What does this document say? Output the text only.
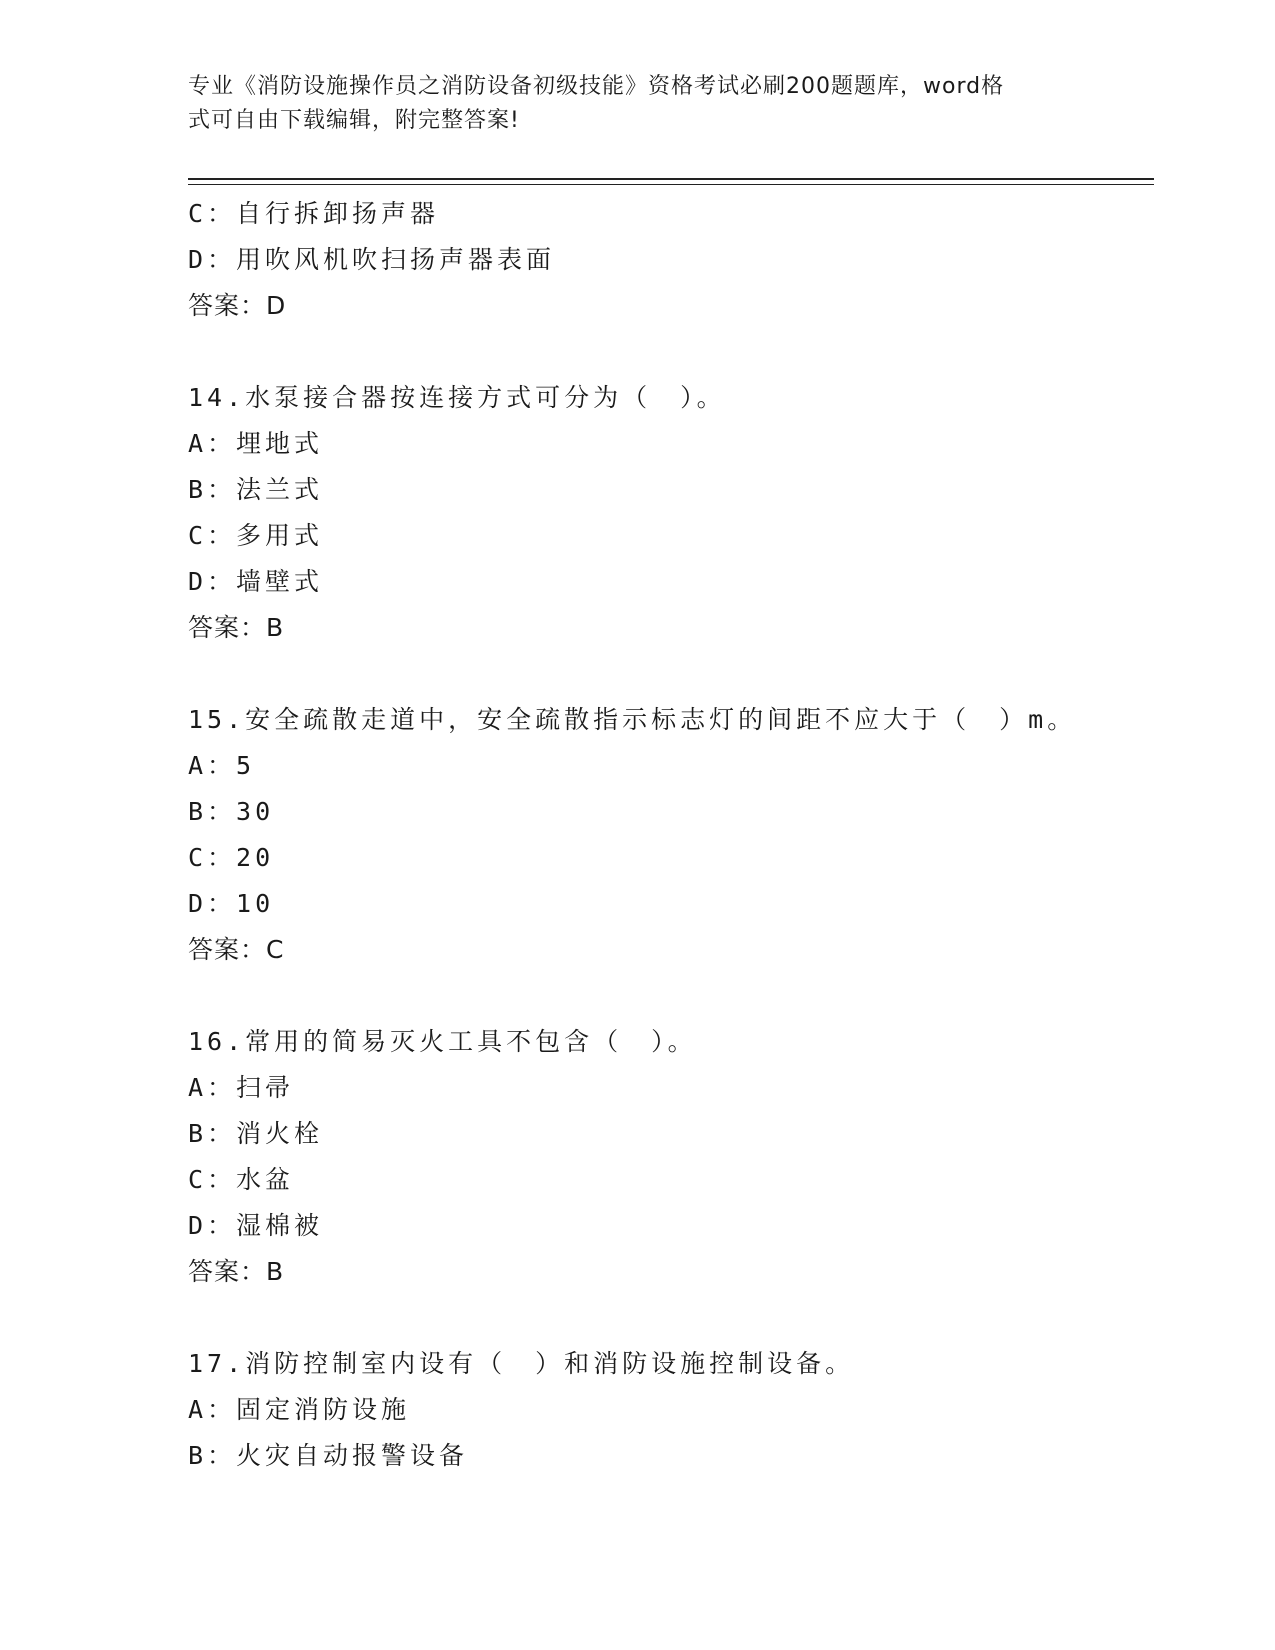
专业《消防设施操作员之消防设备初级技能》资格考试必刷200题题库，word格
式可自由下载编辑，附完整答案!
C：自行拆卸扬声器
D：用吹风机吹扫扬声器表面
答案：D
14.水泵接合器按连接方式可分为（　）。
A：埋地式
B：法兰式
C：多用式
D：墙壁式
答案：B
15.安全疏散走道中，安全疏散指示标志灯的间距不应大于（　）m。
A：5
B：30
C：20
D：10
答案：C
16.常用的简易灭火工具不包含（　）。
A：扫帚
B：消火栓
C：水盆
D：湿棉被
答案：B
17.消防控制室内设有（　）和消防设施控制设备。
A：固定消防设施
B：火灾自动报警设备
